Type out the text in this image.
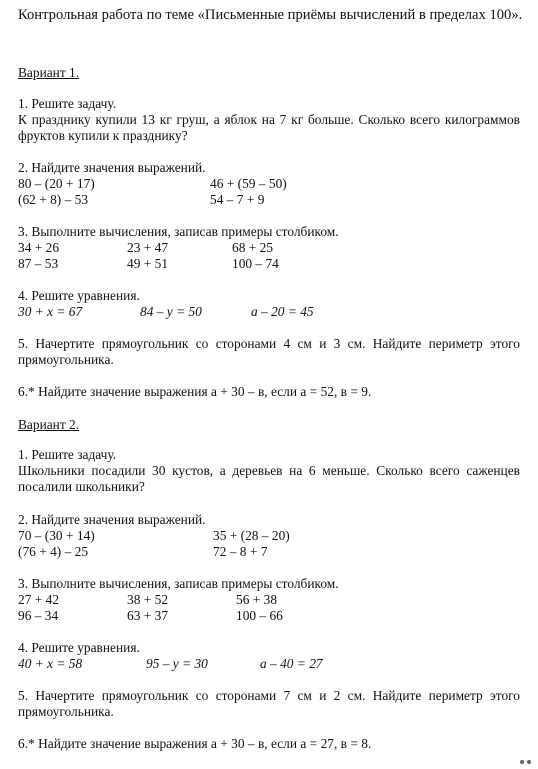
Контрольная работа по теме «Письменные приёмы вычислений в пределах 100».
Вариант 1.
1. Решите задачу.
К празднику купили 13 кг груш, а яблок на 7 кг больше. Сколько всего килограммов фруктов купили к празднику?
2. Найдите значения выражений.
80 – (20 + 17)	46 + (59 – 50)
(62 + 8) – 53	54 – 7 + 9
3. Выполните вычисления, записав примеры столбиком.
34 + 26	23 + 47	68 + 25
87 – 53	49 + 51	100 – 74
4. Решите уравнения.
30 + х = 67	84 – у = 50	а – 20 = 45
5. Начертите прямоугольник со сторонами 4 см и 3 см. Найдите периметр этого прямоугольника.
6.* Найдите значение выражения а + 30 – в, если а = 52, в = 9.
Вариант 2.
1. Решите задачу.
Школьники посадили 30 кустов, а деревьев на 6 меньше. Сколько всего саженцев посалили школьники?
2. Найдите значения выражений.
70 – (30 + 14)	35 + (28 – 20)
(76 + 4) – 25	72 – 8 + 7
3. Выполните вычисления, записав примеры столбиком.
27 + 42	38 + 52	56 + 38
96 – 34	63 + 37	100 – 66
4. Решите уравнения.
40 + х = 58	95 – у = 30	а – 40 = 27
5. Начертите прямоугольник со сторонами 7 см и 2 см. Найдите периметр этого прямоугольника.
6.* Найдите значение выражения а + 30 – в, если а = 27, в = 8.
